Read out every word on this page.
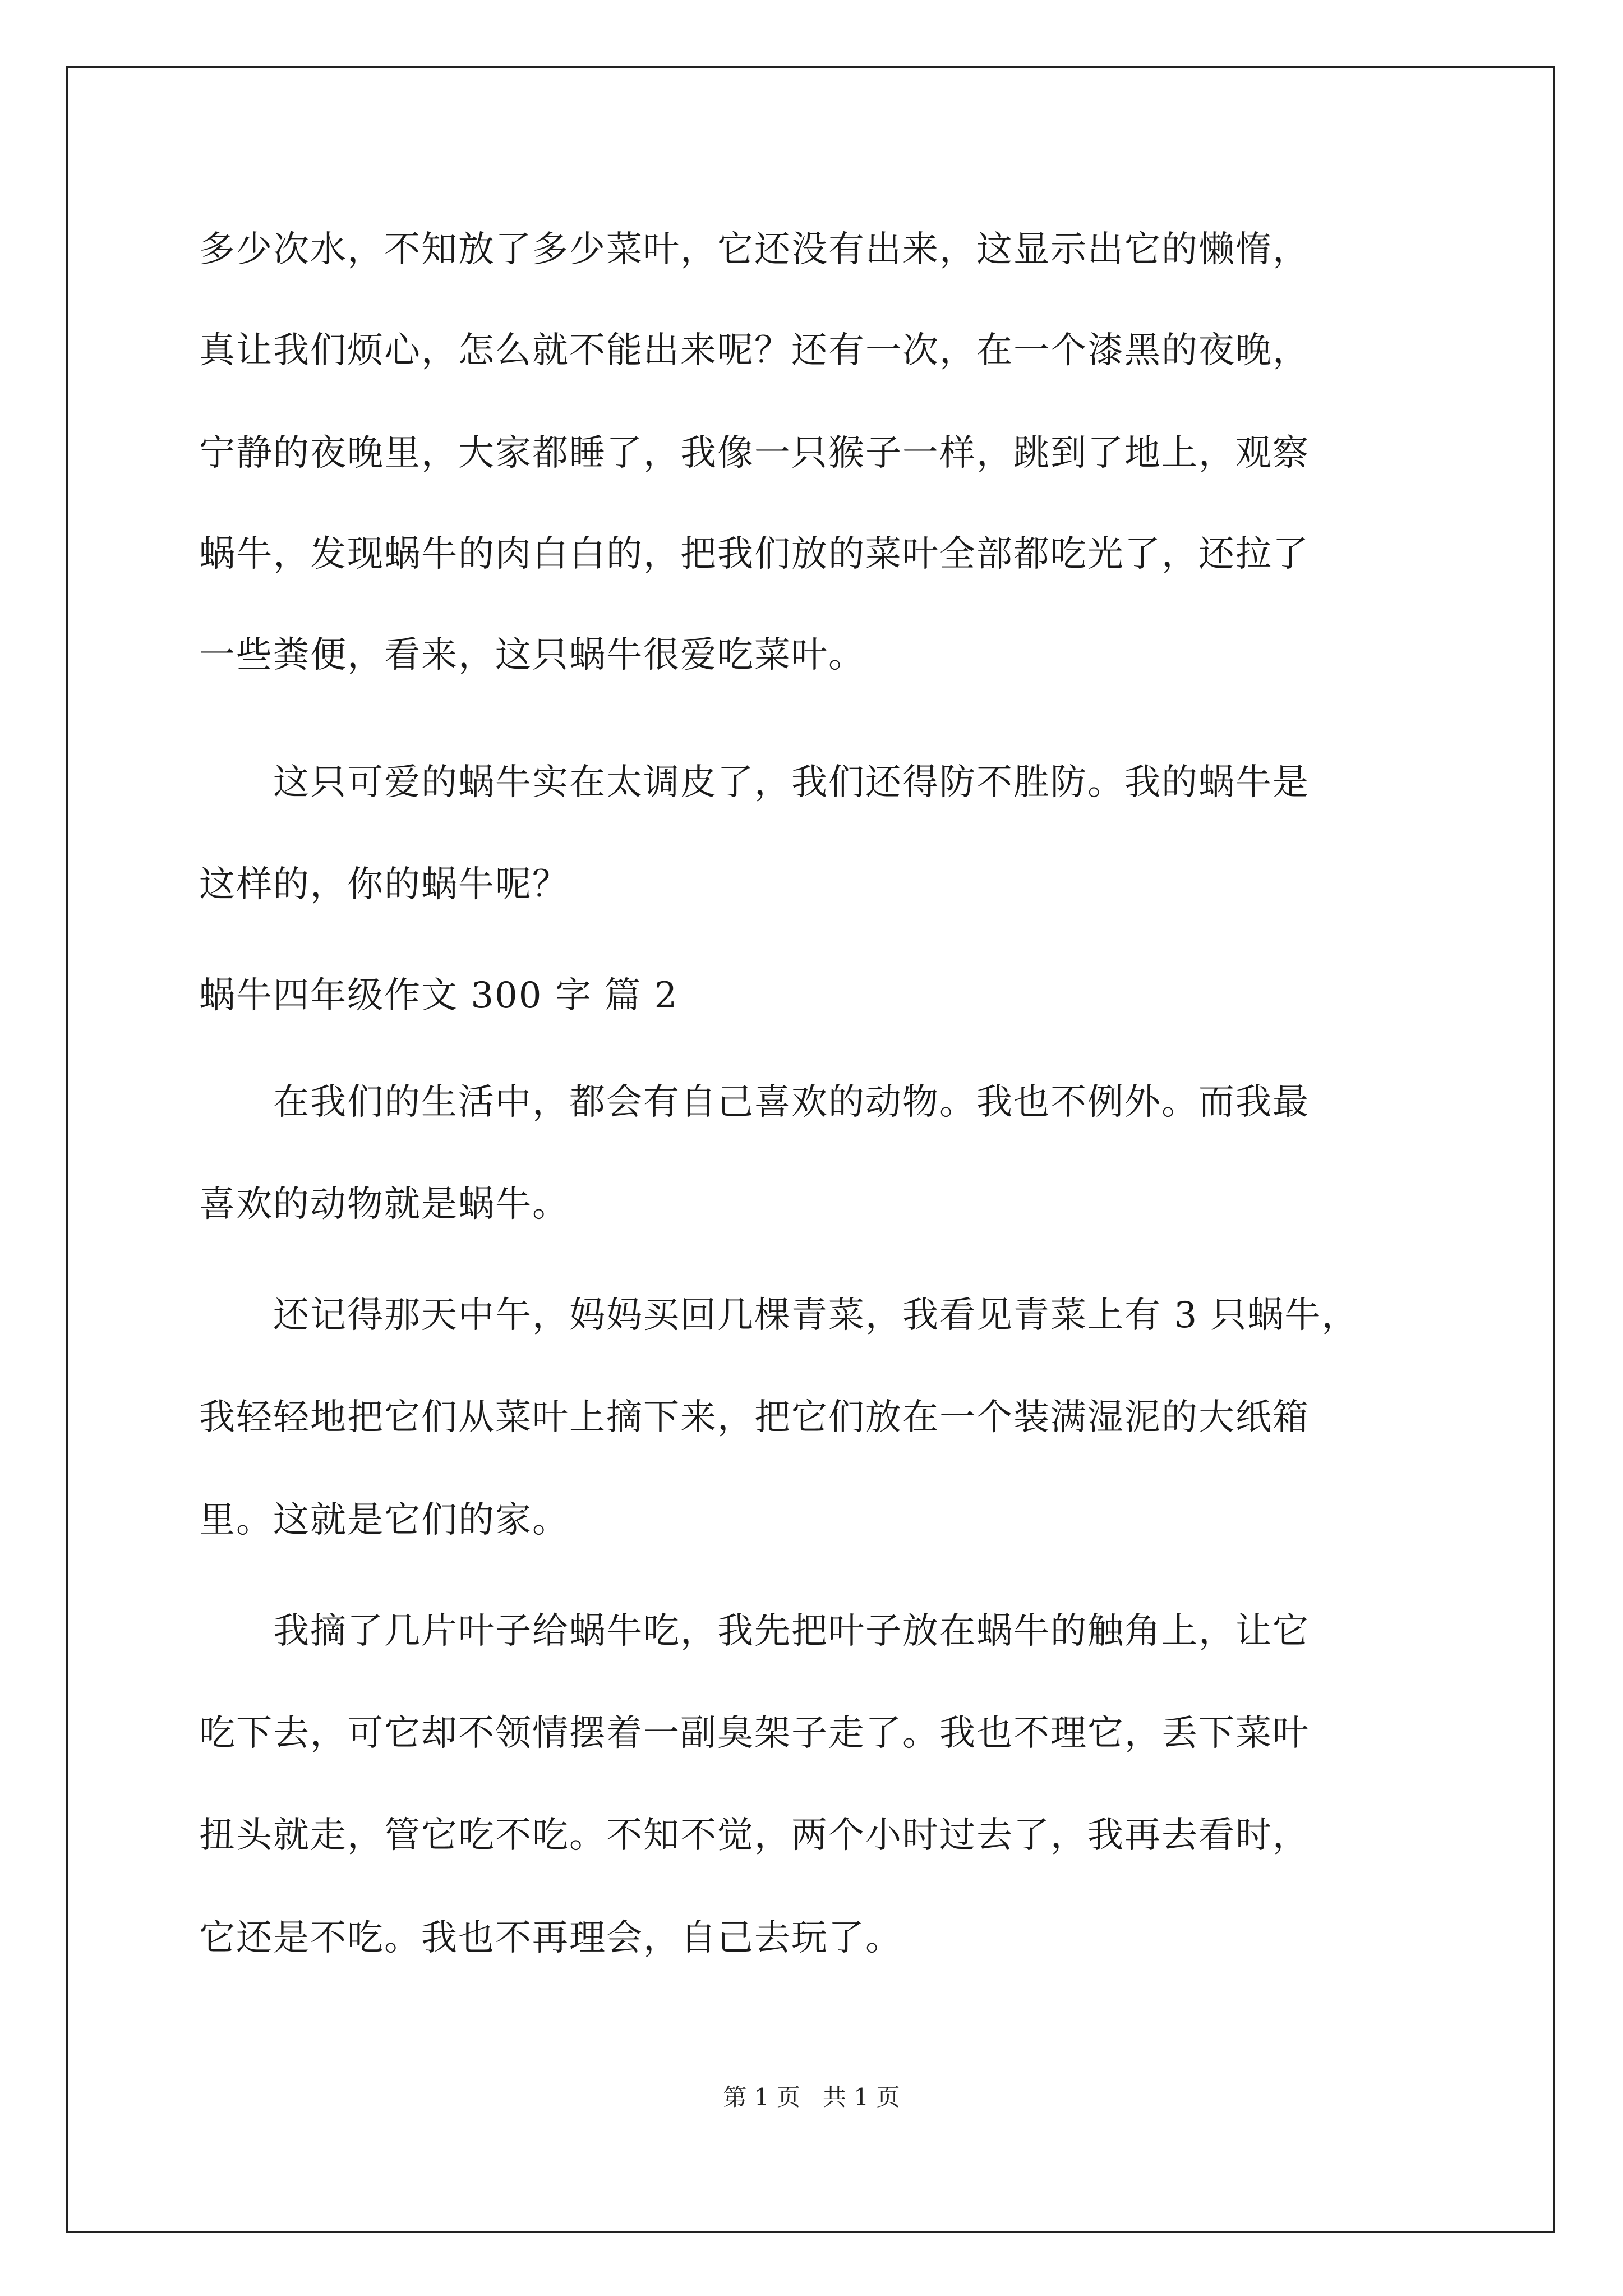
多少次水，不知放了多少菜叶，它还没有出来，这显示出它的懒惰，
真让我们烦心，怎么就不能出来呢？还有一次，在一个漆黑的夜晚，
宁静的夜晚里，大家都睡了，我像一只猴子一样，跳到了地上，观察
蜗牛，发现蜗牛的肉白白的，把我们放的菜叶全部都吃光了，还拉了
一些粪便，看来，这只蜗牛很爱吃菜叶。
　　这只可爱的蜗牛实在太调皮了，我们还得防不胜防。我的蜗牛是
这样的，你的蜗牛呢？
蜗牛四年级作文 300 字 篇 2
　　在我们的生活中，都会有自己喜欢的动物。我也不例外。而我最
喜欢的动物就是蜗牛。
　　还记得那天中午，妈妈买回几棵青菜，我看见青菜上有 3 只蜗牛，
我轻轻地把它们从菜叶上摘下来，把它们放在一个装满湿泥的大纸箱
里。这就是它们的家。
　　我摘了几片叶子给蜗牛吃，我先把叶子放在蜗牛的触角上，让它
吃下去，可它却不领情摆着一副臭架子走了。我也不理它，丢下菜叶
扭头就走，管它吃不吃。不知不觉，两个小时过去了，我再去看时，
它还是不吃。我也不再理会，自己去玩了。
第 1 页   共 1 页
